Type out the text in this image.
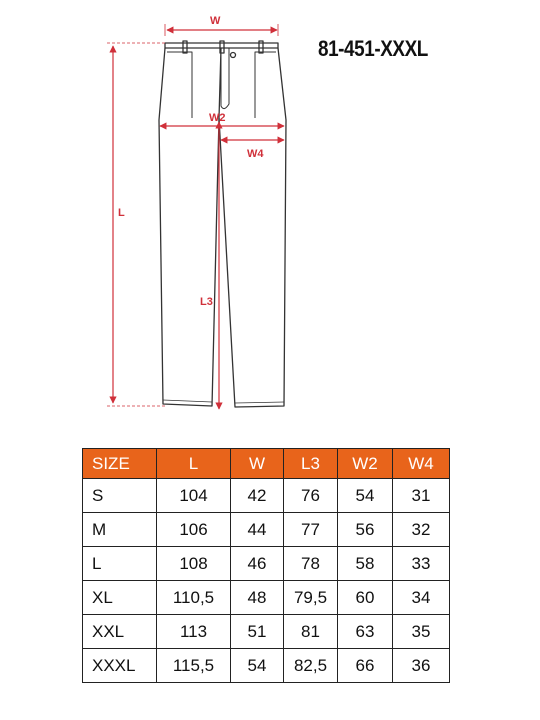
81-451-XXXL
W
W2
W4
L
L3
SIZE	L	W	L3	W2	W4
S	104	42	76	54	31
M	106	44	77	56	32
L	108	46	78	58	33
XL	110,5	48	79,5	60	34
XXL	113	51	81	63	35
XXXL	115,5	54	82,5	66	36
